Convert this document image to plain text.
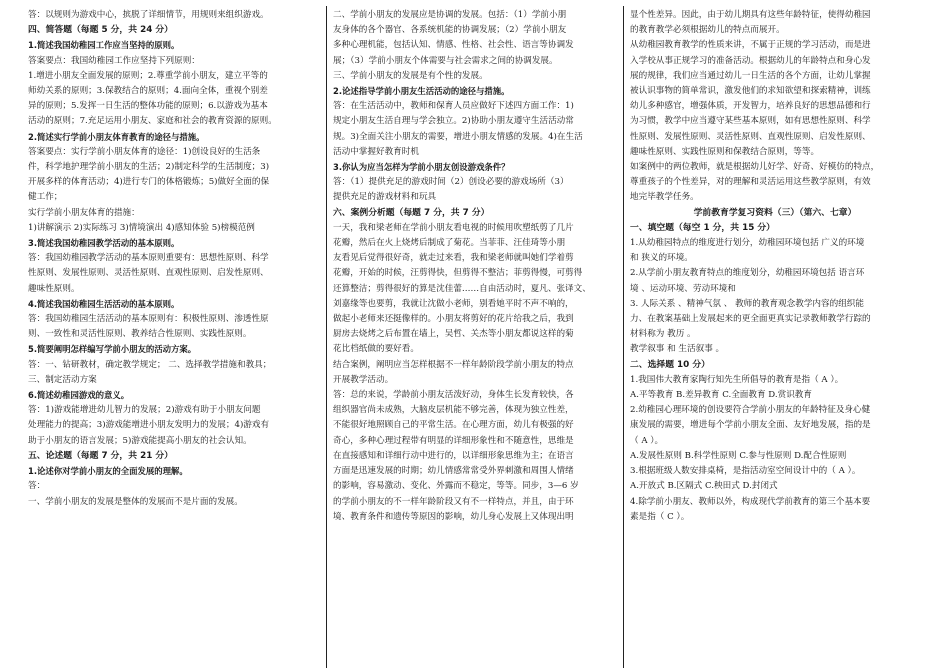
答：以规则为游戏中心，摈脱了详细情节，用规则来组织游戏。

四、简答题（每题 5 分，共 24 分）

1.简述我国幼稚园工作应当坚持的原则。

答案要点：我国幼稚园工作应坚持下列原则：

1.增进小朋友全面发展的原则；2.尊重学前小朋友，建立平等的

师幼关系的原则；3.保教结合的原则；4.面向全体，重视个别差

异的原则；5.发挥一日生活的整体功能的原则；6.以游戏为基本

活动的原则；7.充足运用小朋友、家庭和社会的教育资源的原则。

2.简述实行学前小朋友体育教育的途径与措施。

答案要点：实行学前小朋友体育的途径：1)创设良好的生活条

件，科学地护理学前小朋友的生活；2)制定科学的生活制度；3)

开展多样的体育活动；4)进行专门的体格锻炼；5)做好全面的保

健工作；

实行学前小朋友体育的措施：

1)讲解演示 2)实际练习 3)情境演出 4)感知体验 5)榜模范例

3.简述我国幼稚园教学活动的基本原则。

答：我国幼稚园教学活动的基本原则重要有：思想性原则、科学

性原则、发展性原则、灵活性原则、直观性原则、启发性原则、

趣味性原则。

4.简述我国幼稚园生活活动的基本原则。

答：我国幼稚园生活活动的基本原则有：积极性原则、渗透性原

则、一致性和灵活性原则、教养结合性原则、实践性原则。

5.简要阐明怎样编写学前小朋友的活动方案。

答：一、钻研教材，确定教学规定； 二、选择教学措施和教具；

三、制定活动方案

6.简述幼稚园游戏的意义。

答：1)游戏能增进幼儿智力的发展；2)游戏有助于小朋友问题

处理能力的提高；3)游戏能增进小朋友发明力的发展；4)游戏有

助于小朋友的语言发展；5)游戏能提高小朋友的社会认知。

五、论述题（每题 7 分，共 21 分）

1.论述你对学前小朋友的全面发展的理解。

答：

一、学前小朋友的发展是整体的发展而不是片面的发展。

二、学前小朋友的发展应是协调的发展。包括：（1）学前小朋

友身体的各个器官、各系统机能的协调发展；（2）学前小朋友

多种心理机能，包括认知、情感、性格、社会性、语言等协调发

展；（3）学前小朋友个体需要与社会需求之间的协调发展。

三、学前小朋友的发展是有个性的发展。

2.论述指导学前小朋友生活活动的途径与措施。

答：在生活活动中，教师和保育人员应做好下述四方面工作：1)

规定小朋友生活自理与学会独立。2)协助小朋友遵守生活活动常

规。3)全面关注小朋友的需要，增进小朋友情感的发展。4)在生活

活动中掌握好教育时机

3.你认为应当怎样为学前小朋友创设游戏条件？

答：（1）提供充足的游戏时间（2）创设必要的游戏场所（3）

提供充足的游戏材料和玩具

六、案例分析题（每题 7 分，共 7 分）

一天，我和梁老师在学前小朋友看电视的时候用吹塑纸剪了几片

花瓣，然后在火上烧烤后制成了菊花。当菲菲、汪佳琦等小朋

友看见后觉得很好奇，就走过来看，我和梁老师就叫她们学着剪

花瓣，开始的时候，汪剪得快，但剪得不整洁；菲剪得慢，可剪得

还算整洁；剪得很好的算是沈佳蕾……自由活动时，夏凡、张译文、

刘嘉缘等也要剪，我就让沈做小老师，别看她平时不声不响的，

做起小老师来还挺像样的。小朋友将剪好的花片给我之后，我到

厨房去烧烤之后布置在墙上，吴哲、关杰等小朋友都说这样的菊

花比档纸做的要好看。

结合案例，阐明应当怎样根据不一样年龄阶段学前小朋友的特点

开展教学活动。

答：总的来说，学龄前小朋友活泼好动，身体生长发育较快，各

组织器官尚未成熟，大脑皮层机能不够完善，体现为独立性差，

不能很好地照顾自己的平常生活。在心理方面，幼儿有极强的好

奇心，多种心理过程带有明显的详细形象性和不随意性，思维是

在直接感知和详细行动中进行的，以详细形象思维为主；在语言

方面是迅速发展的时期；幼儿情感常常受外界刺激和周围人情绪

的影响，容易激动、变化、外露而不稳定，等等。同步，3—6 岁

的学前小朋友的不一样年龄阶段又有不一样特点，并且，由于环

境、教育条件和遗传等原因的影响，幼儿身心发展上又体现出明

显个性差异。因此，由于幼儿期具有这些年龄特征，使得幼稚园

的教育教学必须根据幼儿的特点而展开。

从幼稚园教育教学的性质来讲，不属于正规的学习活动，而是进

入学校从事正规学习的准备活动。根据幼儿的年龄特点和身心发

展的规律，我们应当通过幼儿一日生活的各个方面，让幼儿掌握

被认识事物的简单常识，激发他们的求知欲望和探索精神，训练

幼儿多种感官，增强体质，开发智力，培养良好的思想品德和行

为习惯，教学中应当遵守某些基本原则，如有思想性原则、科学

性原则、发展性原则、灵活性原则、直观性原则、启发性原则、

趣味性原则、实践性原则和保教结合原则，等等。

如案例中的两位教师，就是根据幼儿好学、好奇、好模仿的特点，

尊重孩子的个性差异，对的理解和灵活运用这些教学原则，有效

地完毕教学任务。

学前教育学复习资料（三）（第六、七章）

一、填空题（每空 1 分，共 15 分）

1.从幼稚园特点的维度进行划分，幼稚园环境包括 广义的环境

和 狭义的环境。

2.从学前小朋友教育特点的维度划分，幼稚园环境包括 语言环

境 、运动环境、劳动环境和

3. 人际关系 、精神气氛 、 教师的教育观念教学内容的组织能

力、在教案基础上发展起来的更全面更真实记录教师教学行踪的

材料称为 教历 。

教学叙事 和 生活叙事 。

二、选择题 10 分）

1.我国伟大教育家陶行知先生所倡导的教育是指（ A ）。

A.平等教育 B.差异教育 C.全面教育 D.赏识教育

2.幼稚园心理环境的创设要符合学前小朋友的年龄特征及身心健

康发展的需要，增进每个学前小朋友全面、友好地发展，指的是

（ A ）。

A.发展性原则 B.科学性原则 C.参与性原则 D.配合性原则

3.根据班级人数安排桌椅，是指活动室空间设计中的（ A ）。

A.开放式 B.区隔式 C.秧田式 D.封闭式

4.除学前小朋友、教师以外，构成现代学前教育的第三个基本要

素是指（ C ）。
